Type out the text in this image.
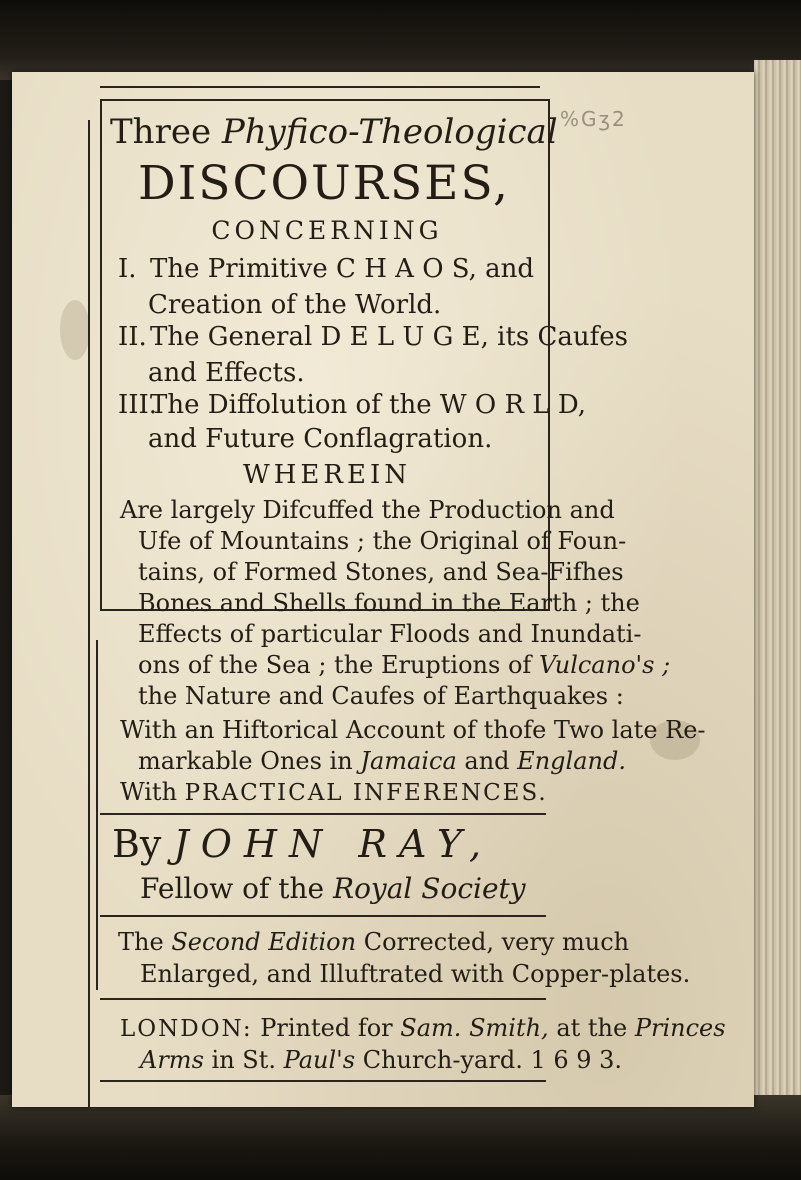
%Gʒ2
Three Phyfico-Theological
DISCOURSES,
CONCERNING
I. The Primitive C H A O S, and
Creation of the World.
II. The General D E L U G E, its Caufes
and Effects.
III.The Diffolution of the W O R L D,
and Future Conflagration.
WHEREIN
Are largely Difcuffed the Production and
Ufe of Mountains ; the Original of Foun-
tains, of Formed Stones, and Sea-Fifhes
Bones and Shells found in the Earth ; the
Effects of particular Floods and Inundati-
ons of the Sea ; the Eruptions of Vulcano's ;
the Nature and Caufes of Earthquakes :
With an Hiftorical Account of thofe Two late Re-
markable Ones in Jamaica and England.
With PRACTICAL INFERENCES.
By JOHN RAY,
Fellow of the Royal Society
The Second Edition Corrected, very much
Enlarged, and Illuftrated with Copper-plates.
LONDON: Printed for Sam. Smith, at the Princes
Arms in St. Paul's Church-yard. 1 6 9 3.
